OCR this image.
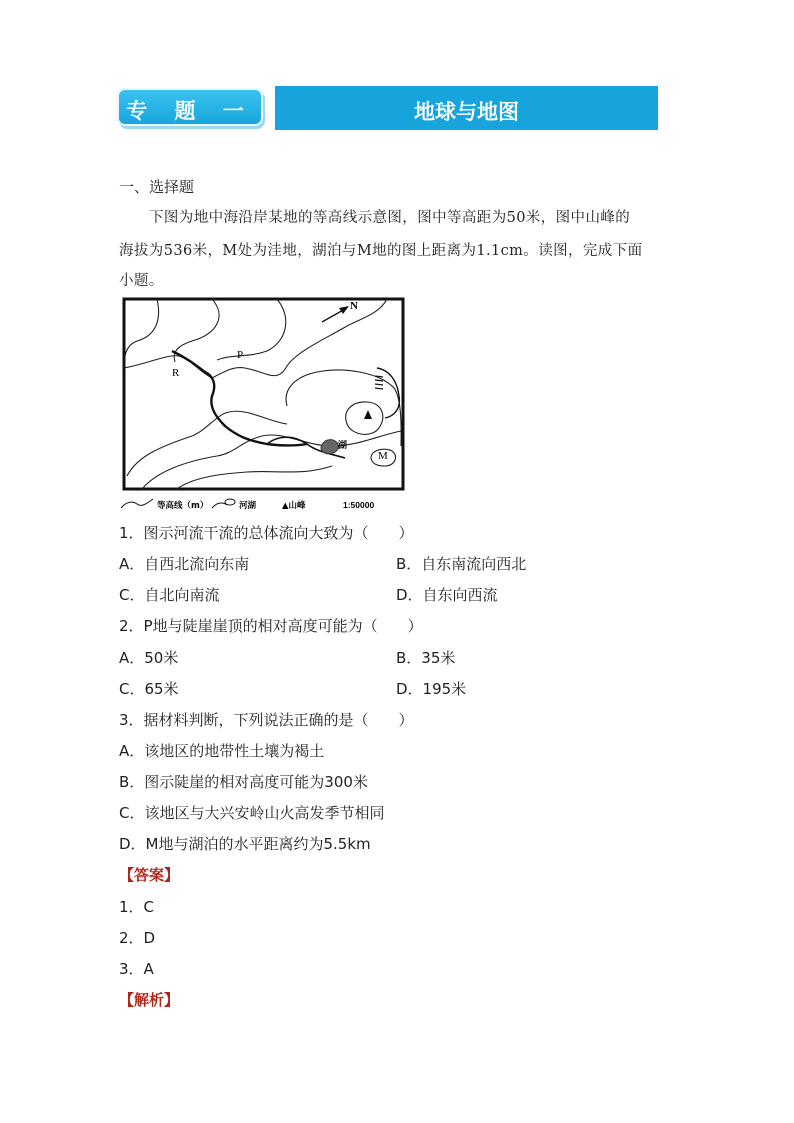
专 题 一	地球与地图
一、选择题
下图为地中海沿岸某地的等高线示意图，图中等高距为50米，图中山峰的
海拔为536米，M处为洼地，湖泊与M地的图上距离为1.1cm。读图，完成下面
小题。
N
P
R
湖
M
等高线（m）	河湖	▲山峰	1:50000
1．图示河流干流的总体流向大致为（　　）
A．自西北流向东南	B．自东南流向西北
C．自北向南流	D．自东向西流
2．P地与陡崖崖顶的相对高度可能为（　　）
A．50米	B．35米
C．65米	D．195米
3．据材料判断，下列说法正确的是（　　）
A．该地区的地带性土壤为褐土
B．图示陡崖的相对高度可能为300米
C．该地区与大兴安岭山火高发季节相同
D．M地与湖泊的水平距离约为5.5km
【答案】
1．C
2．D
3．A
【解析】
